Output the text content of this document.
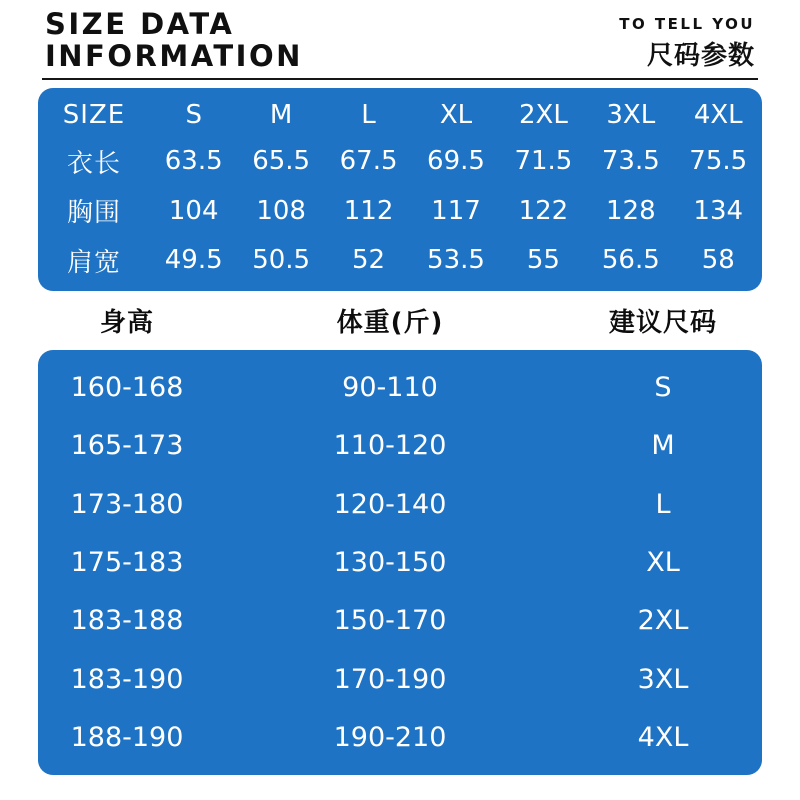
SIZE DATA
INFORMATION
TO TELL YOU
尺码参数
SIZE	S	M	L	XL	2XL	3XL	4XL
衣长	63.5	65.5	67.5	69.5	71.5	73.5	75.5
胸围	104	108	112	117	122	128	134
肩宽	49.5	50.5	52	53.5	55	56.5	58
身高	体重(斤)	建议尺码
160-168	90-110	S
165-173	110-120	M
173-180	120-140	L
175-183	130-150	XL
183-188	150-170	2XL
183-190	170-190	3XL
188-190	190-210	4XL
